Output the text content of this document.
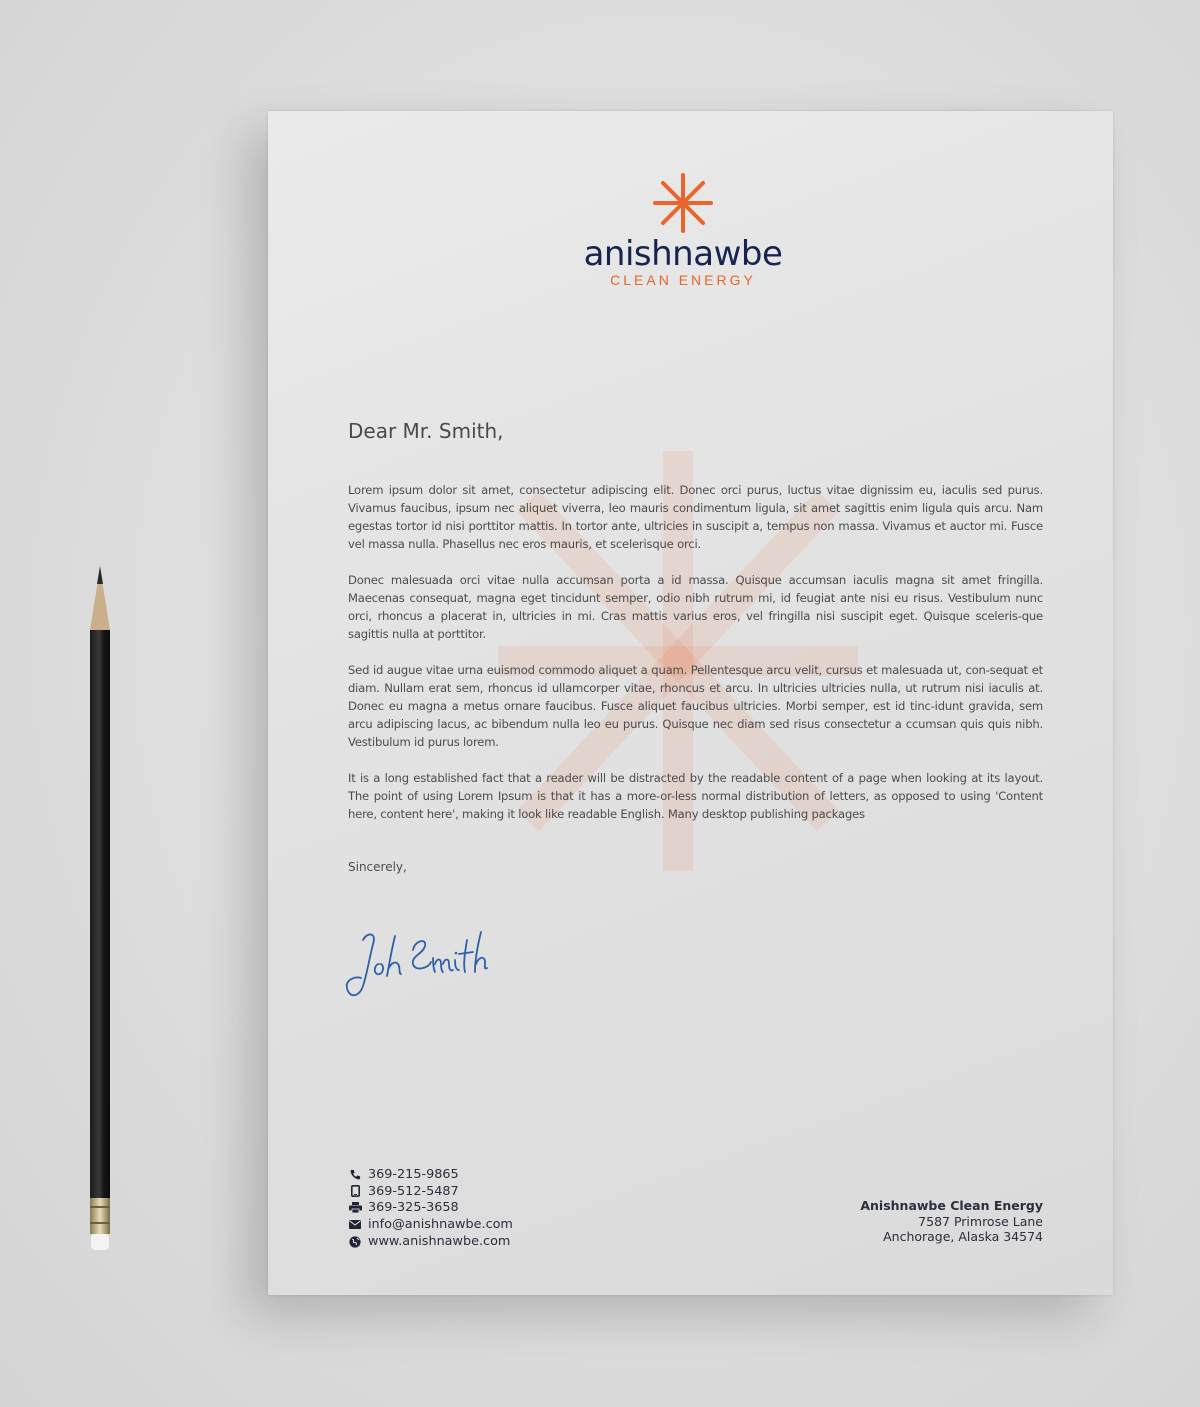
anishnawbe
CLEAN ENERGY
Dear Mr. Smith,

Lorem ipsum dolor sit amet, consectetur adipiscing elit. Donec orci purus, luctus vitae dignissim eu, iaculis sed purus. Vivamus faucibus, ipsum nec aliquet viverra, leo mauris condimentum ligula, sit amet sagittis enim ligula quis arcu. Nam egestas tortor id nisi porttitor mattis. In tortor ante, ultricies in suscipit a, tempus non massa. Vivamus et auctor mi. Fusce vel massa nulla. Phasellus nec eros mauris, et scelerisque orci.

Donec malesuada orci vitae nulla accumsan porta a id massa. Quisque accumsan iaculis magna sit amet fringilla. Maecenas consequat, magna eget tincidunt semper, odio nibh rutrum mi, id feugiat ante nisi eu risus. Vestibulum nunc orci, rhoncus a placerat in, ultricies in mi. Cras mattis varius eros, vel fringilla nisi suscipit eget. Quisque sceleris-que sagittis nulla at porttitor.

Sed id augue vitae urna euismod commodo aliquet a quam. Pellentesque arcu velit, cursus et malesuada ut, con-sequat et diam. Nullam erat sem, rhoncus id ullamcorper vitae, rhoncus et arcu. In ultricies ultricies nulla, ut rutrum nisi iaculis at. Donec eu magna a metus ornare faucibus. Fusce aliquet faucibus ultricies. Morbi semper, est id tinc-idunt gravida, sem arcu adipiscing lacus, ac bibendum nulla leo eu purus. Quisque nec diam sed risus consectetur a ccumsan quis quis nibh. Vestibulum id purus lorem.

It is a long established fact that a reader will be distracted by the readable content of a page when looking at its layout. The point of using Lorem Ipsum is that it has a more-or-less normal distribution of letters, as opposed to using 'Content here, content here', making it look like readable English. Many desktop publishing packages

Sincerely,
369-215-9865
369-512-5487
369-325-3658
info@anishnawbe.com
www.anishnawbe.com
Anishnawbe Clean Energy
7587 Primrose Lane
Anchorage, Alaska 34574
